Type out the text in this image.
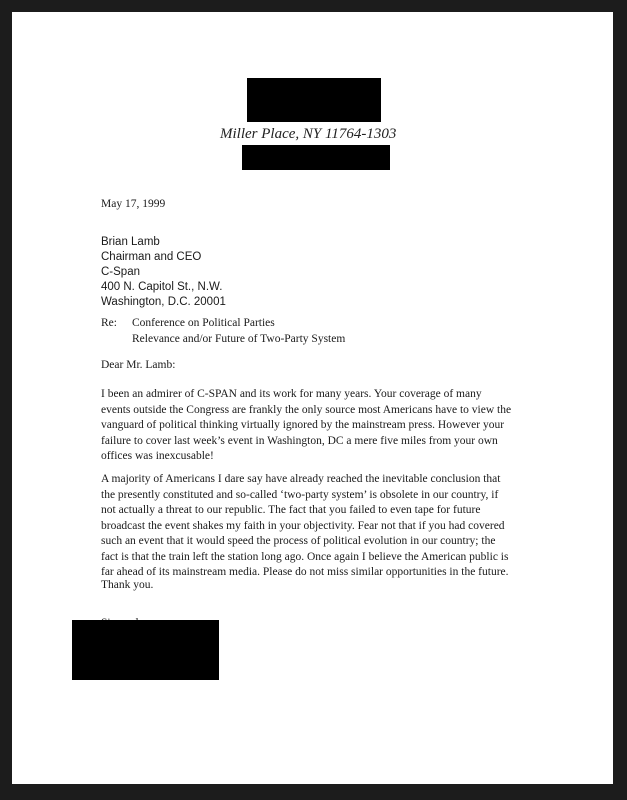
Miller Place, NY 11764-1303
May 17, 1999
Brian Lamb
Chairman and CEO
C-Span
400 N. Capitol St., N.W.
Washington, D.C. 20001
Re: Conference on Political Parties
Relevance and/or Future of Two-Party System
Dear Mr. Lamb:
I been an admirer of C-SPAN and its work for many years. Your coverage of many
events outside the Congress are frankly the only source most Americans have to view the
vanguard of political thinking virtually ignored by the mainstream press. However your
failure to cover last week’s event in Washington, DC a mere five miles from your own
offices was inexcusable!
A majority of Americans I dare say have already reached the inevitable conclusion that
the presently constituted and so-called ‘two-party system’ is obsolete in our country, if
not actually a threat to our republic. The fact that you failed to even tape for future
broadcast the event shakes my faith in your objectivity. Fear not that if you had covered
such an event that it would speed the process of political evolution in our country; the
fact is that the train left the station long ago. Once again I believe the American public is
far ahead of its mainstream media. Please do not miss similar opportunities in the future.
Thank you.
